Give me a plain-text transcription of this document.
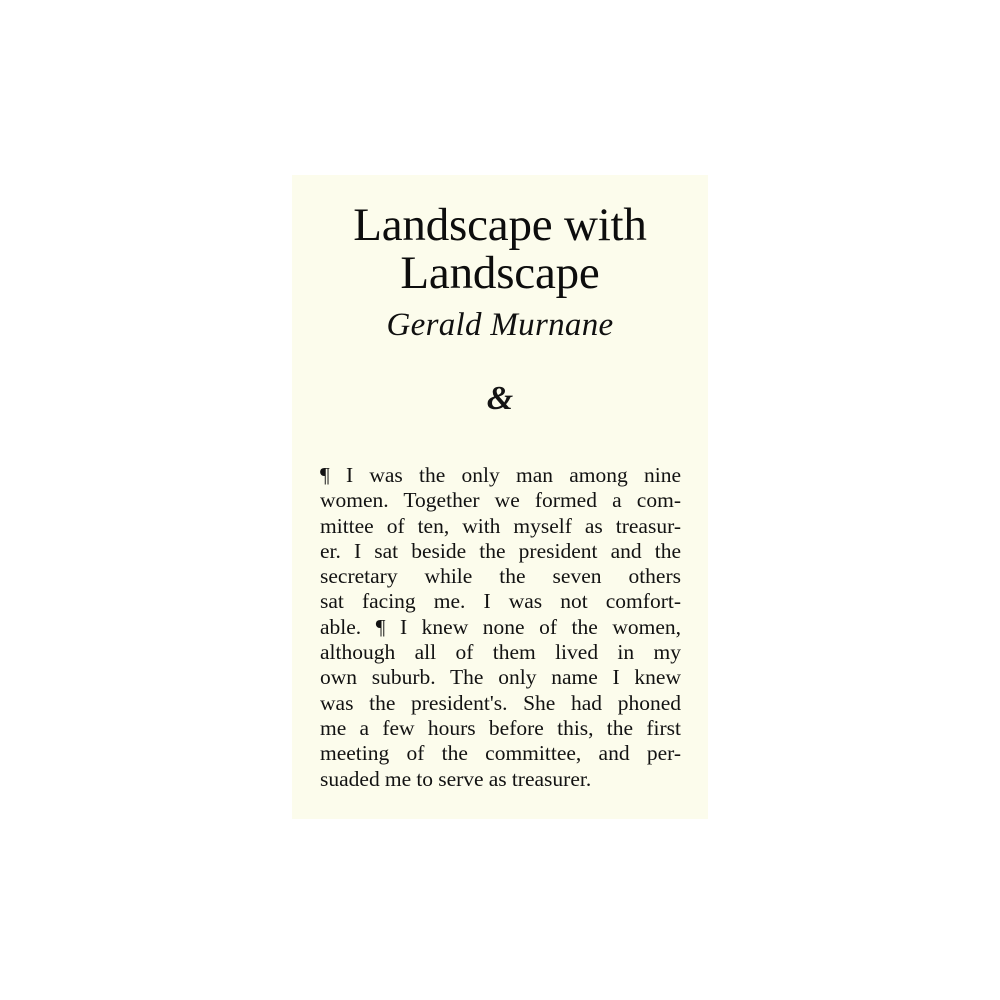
Landscape with
Landscape
Gerald Murnane
&
¶ I was the only man among nine
women. Together we formed a com-
mittee of ten, with myself as treasur-
er. I sat beside the president and the
secretary while the seven others
sat facing me. I was not comfort-
able. ¶ I knew none of the women,
although all of them lived in my
own suburb. The only name I knew
was the president's. She had phoned
me a few hours before this, the first
meeting of the committee, and per-
suaded me to serve as treasurer.
